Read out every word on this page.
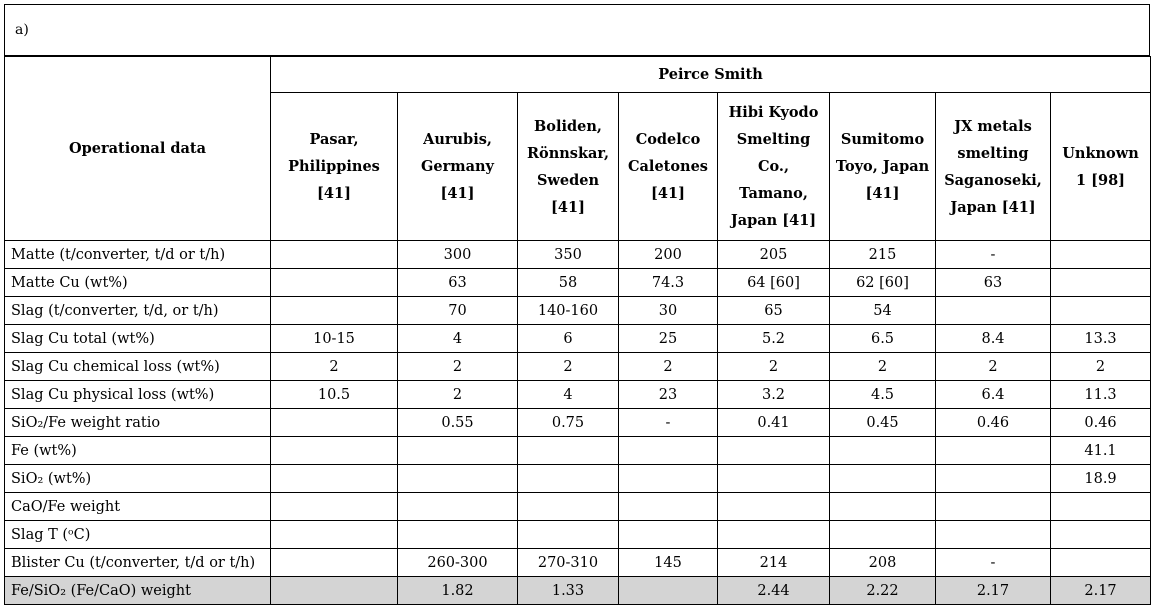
a)
Operational data	Peirce Smith							
	Pasar, Philippines [41]	Aurubis, Germany [41]	Boliden, Rönnskar, Sweden [41]	Codelco Caletones [41]	Hibi Kyodo Smelting Co., Tamano, Japan [41]	Sumitomo Toyo, Japan [41]	JX metals smelting Saganoseki, Japan [41]	Unknown 1 [98]
Matte (t/converter, t/d or t/h)		300	350	200	205	215	-	
Matte Cu (wt%)		63	58	74.3	64 [60]	62 [60]	63	
Slag (t/converter, t/d, or t/h)		70	140-160	30	65	54		
Slag Cu total (wt%)	10-15	4	6	25	5.2	6.5	8.4	13.3
Slag Cu chemical loss (wt%)	2	2	2	2	2	2	2	2
Slag Cu physical loss (wt%)	10.5	2	4	23	3.2	4.5	6.4	11.3
SiO₂/Fe weight ratio		0.55	0.75	-	0.41	0.45	0.46	0.46
Fe (wt%)								41.1
SiO₂ (wt%)								18.9
CaO/Fe weight								
Slag T (ᵒC)								
Blister Cu (t/converter, t/d or t/h)		260-300	270-310	145	214	208	-	
Fe/SiO₂ (Fe/CaO) weight		1.82	1.33		2.44	2.22	2.17	2.17
